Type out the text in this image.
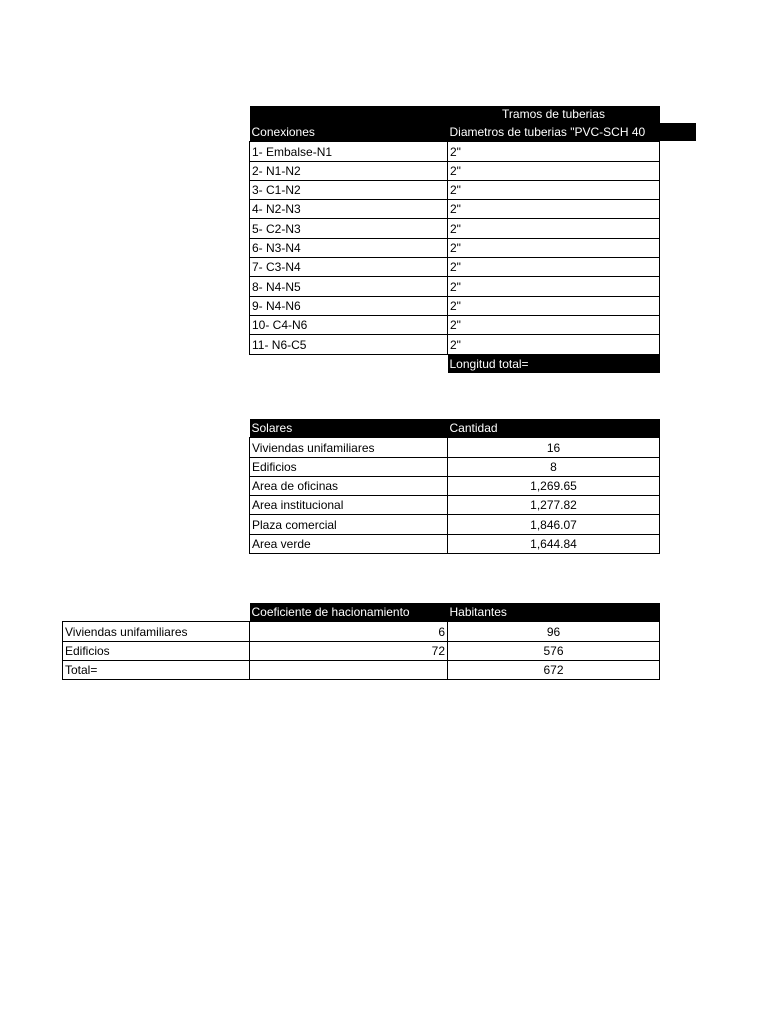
	Tramos de tuberias
Conexiones	Diametros de tuberias "PVC-SCH 40

1- Embalse-N1	2"
2- N1-N2	2"
3- C1-N2	2"
4- N2-N3	2"
5- C2-N3	2"
6- N3-N4	2"
7- C3-N4	2"
8- N4-N5	2"
9- N4-N6	2"
10- C4-N6	2"
11- N6-C5	2"
	Longitud total=
Solares	Cantidad
Viviendas unifamiliares	16
Edificios	8
Area de oficinas	1,269.65
Area institucional	1,277.82
Plaza comercial	1,846.07
Area verde	1,644.84
	Coeficiente de hacionamiento	Habitantes
Viviendas unifamiliares	6	96
Edificios	72	576
Total=		672
